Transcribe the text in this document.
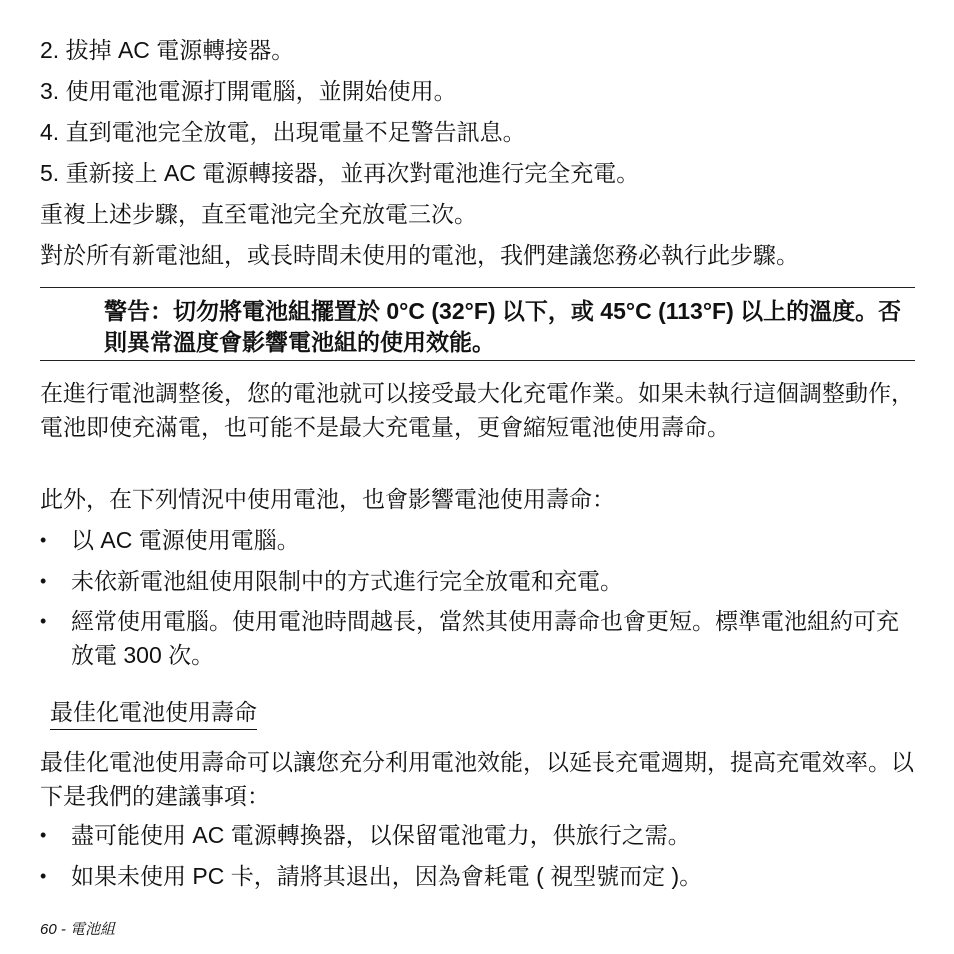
2. 拔掉 AC 電源轉接器。
3. 使用電池電源打開電腦，並開始使用。
4. 直到電池完全放電，出現電量不足警告訊息。
5. 重新接上 AC 電源轉接器，並再次對電池進行完全充電。
重複上述步驟，直至電池完全充放電三次。
對於所有新電池組，或長時間未使用的電池，我們建議您務必執行此步驟。
警告：切勿將電池組擺置於 0°C (32°F) 以下，或 45°C (113°F) 以上的溫度。否則異常溫度會影響電池組的使用效能。
在進行電池調整後，您的電池就可以接受最大化充電作業。如果未執行這個調整動作，電池即使充滿電，也可能不是最大充電量，更會縮短電池使用壽命。
此外，在下列情況中使用電池，也會影響電池使用壽命：
•	以 AC 電源使用電腦。
•	未依新電池組使用限制中的方式進行完全放電和充電。
•	經常使用電腦。使用電池時間越長，當然其使用壽命也會更短。標準電池組約可充放電 300 次。
最佳化電池使用壽命
最佳化電池使用壽命可以讓您充分利用電池效能，以延長充電週期，提高充電效率。以下是我們的建議事項：
•	盡可能使用 AC 電源轉換器，以保留電池電力，供旅行之需。
•	如果未使用 PC 卡，請將其退出，因為會耗電 ( 視型號而定 )。
60 - 電池組
